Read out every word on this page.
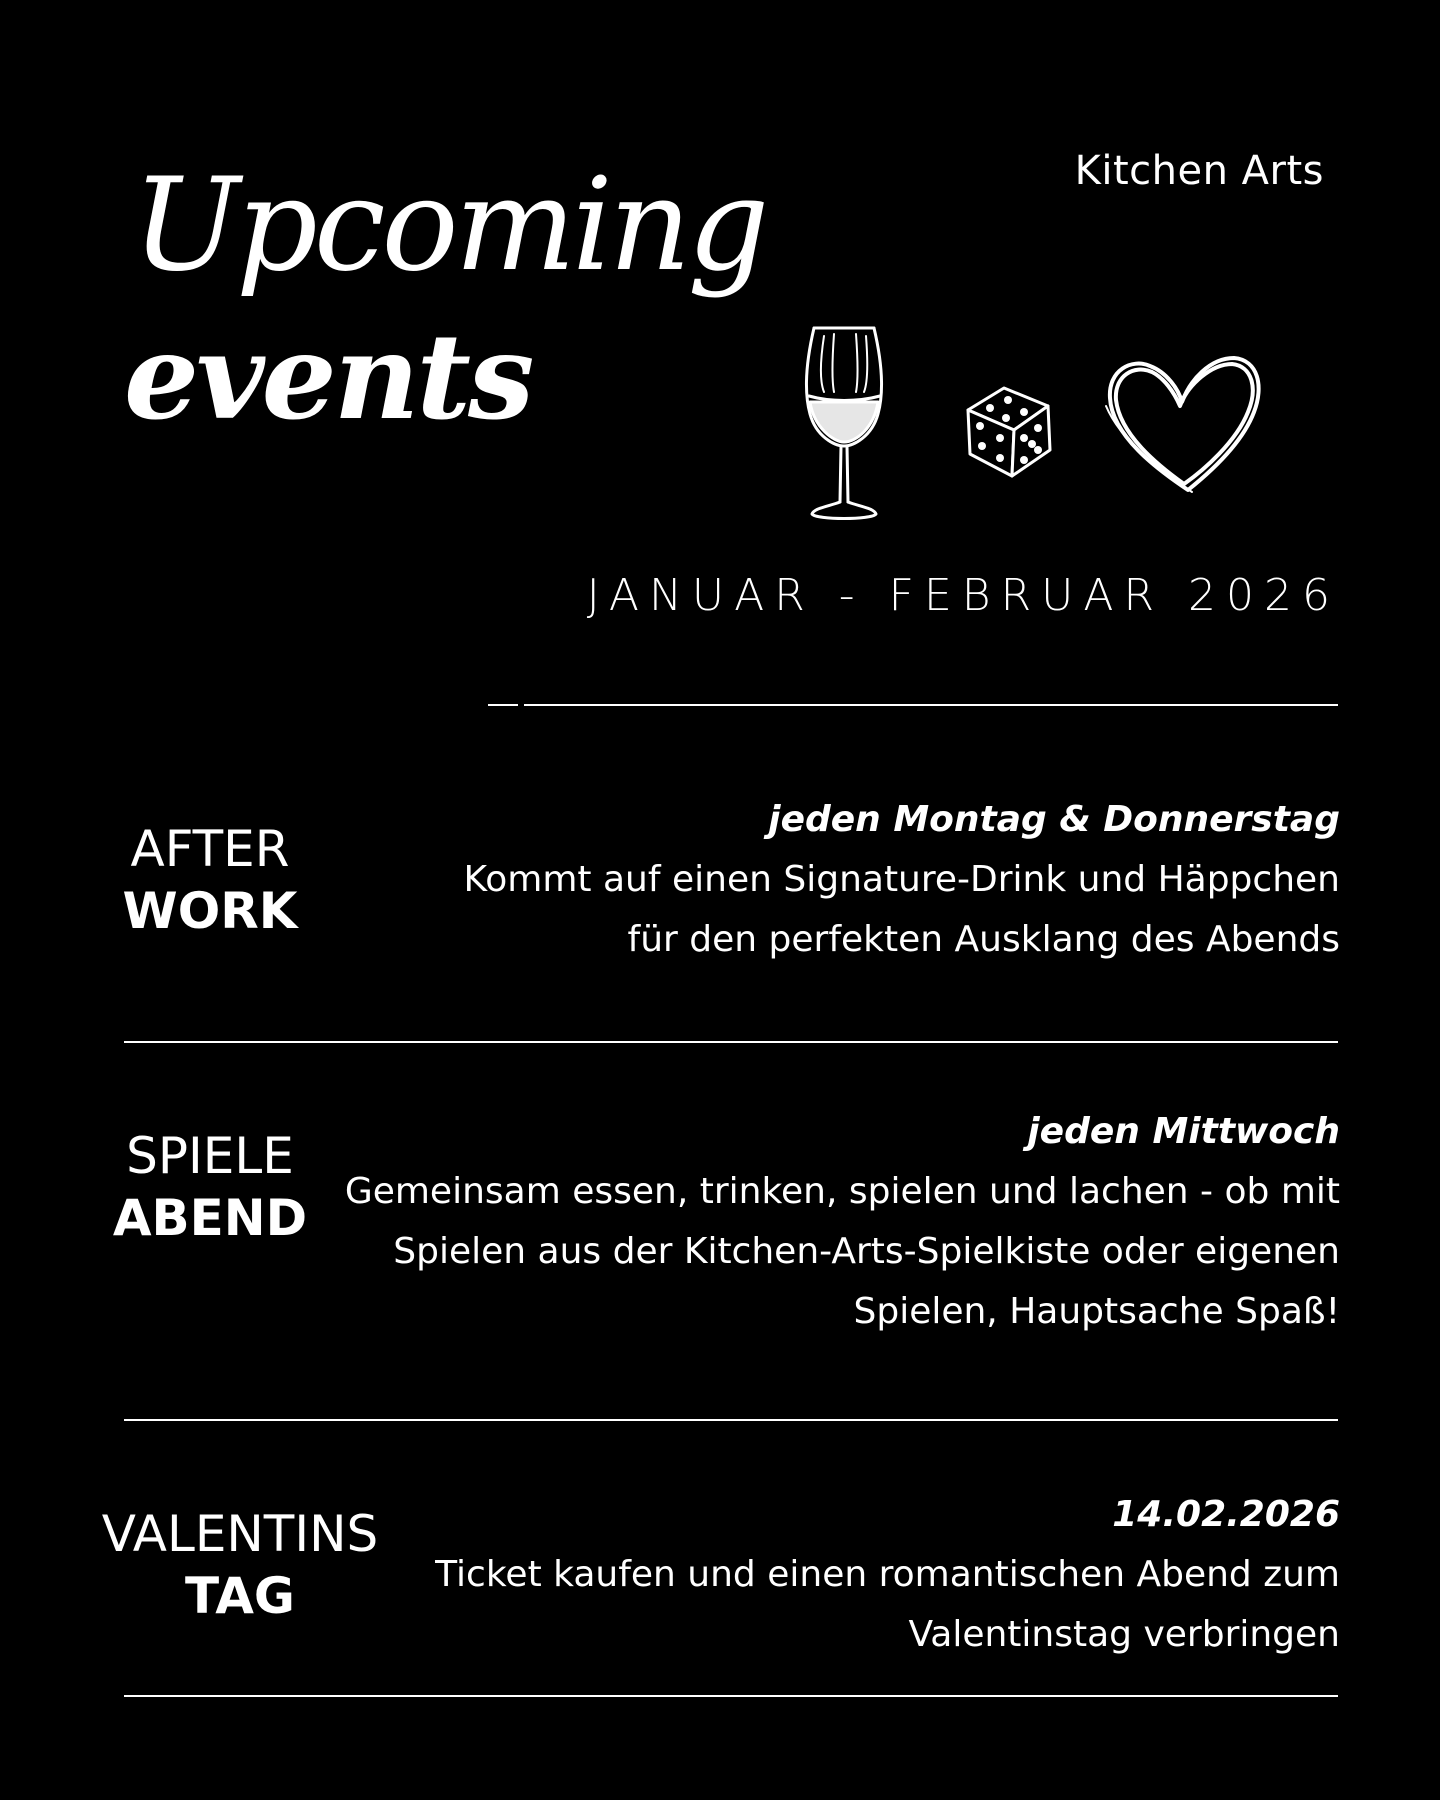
Kitchen Arts
Upcoming
events
JANUAR - FEBRUAR 2026
AFTER
WORK
jeden Montag & Donnerstag
Kommt auf einen Signature-Drink und Häppchen
für den perfekten Ausklang des Abends
SPIELE
ABEND
jeden Mittwoch
Gemeinsam essen, trinken, spielen und lachen - ob mit
Spielen aus der Kitchen-Arts-Spielkiste oder eigenen
Spielen, Hauptsache Spaß!
VALENTINS
TAG
14.02.2026
Ticket kaufen und einen romantischen Abend zum
Valentinstag verbringen
